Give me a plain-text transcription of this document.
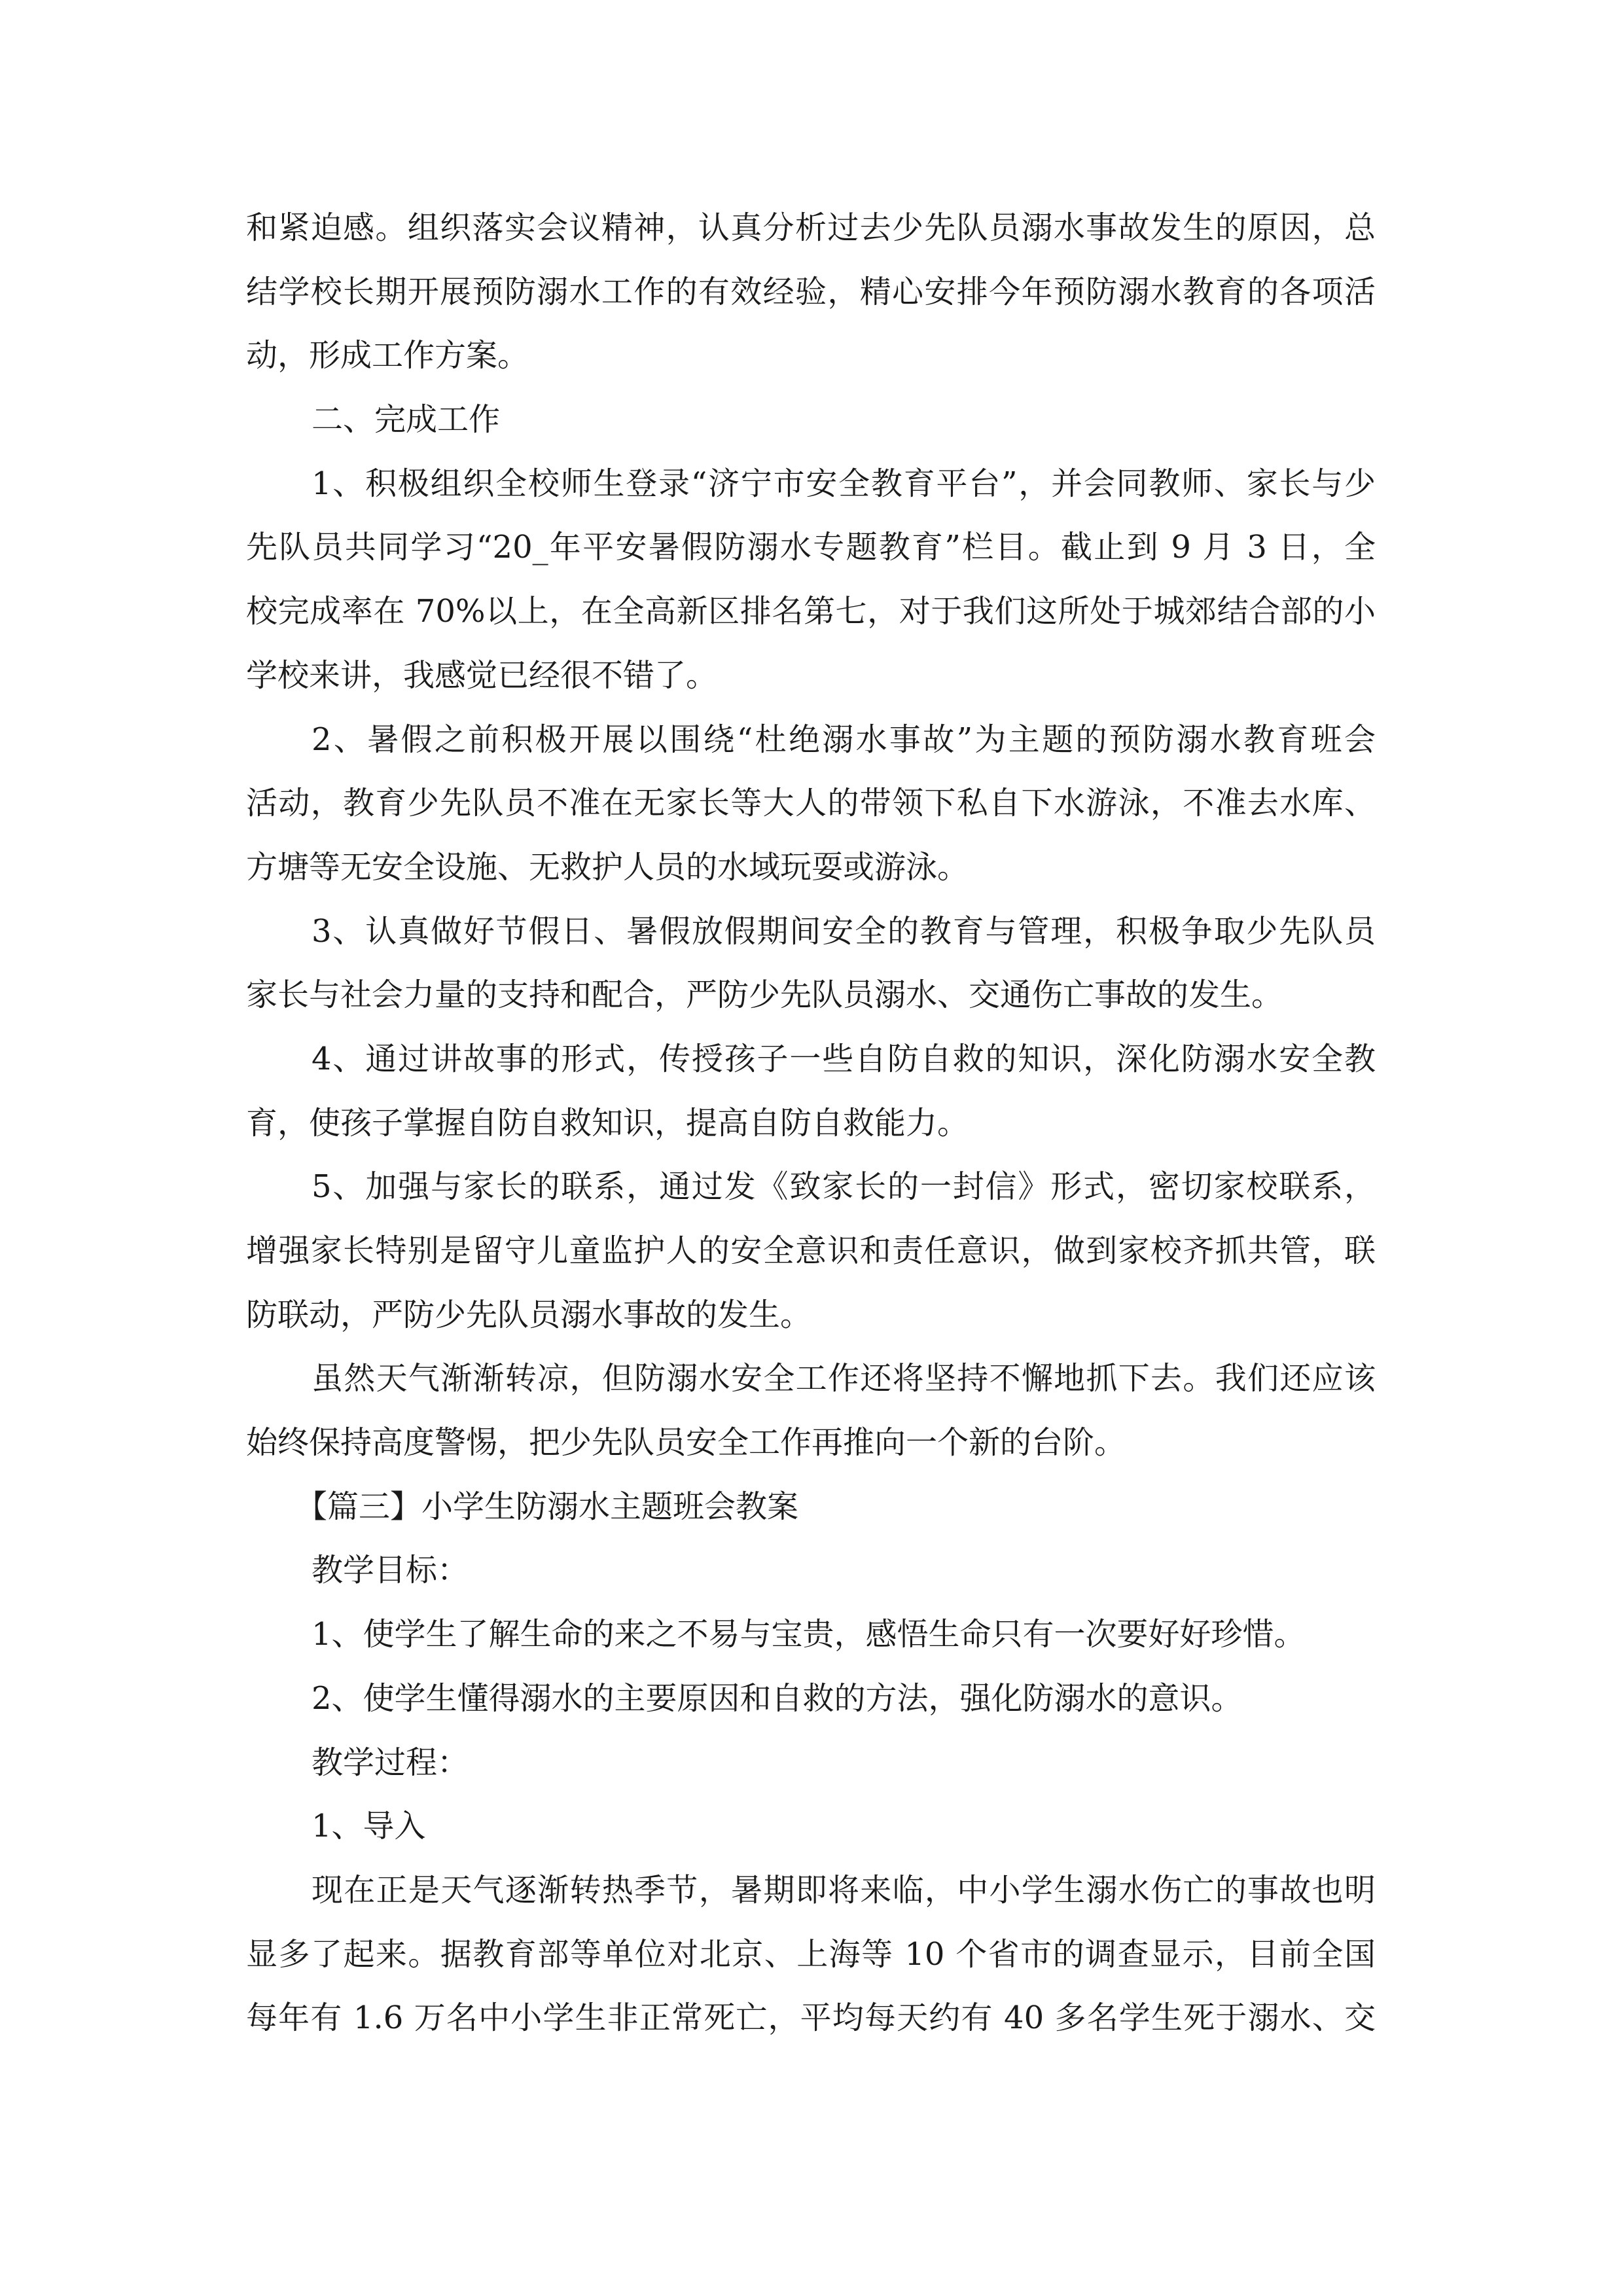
和紧迫感。组织落实会议精神，认真分析过去少先队员溺水事故发生的原因，总
结学校长期开展预防溺水工作的有效经验，精心安排今年预防溺水教育的各项活
动，形成工作方案。
二、完成工作
1、积极组织全校师生登录“济宁市安全教育平台”，并会同教师、家长与少
先队员共同学习“20_年平安暑假防溺水专题教育”栏目。截止到 9 月 3 日，全
校完成率在 70%以上，在全高新区排名第七，对于我们这所处于城郊结合部的小
学校来讲，我感觉已经很不错了。
2、暑假之前积极开展以围绕“杜绝溺水事故”为主题的预防溺水教育班会
活动，教育少先队员不准在无家长等大人的带领下私自下水游泳，不准去水库、
方塘等无安全设施、无救护人员的水域玩耍或游泳。
3、认真做好节假日、暑假放假期间安全的教育与管理，积极争取少先队员
家长与社会力量的支持和配合，严防少先队员溺水、交通伤亡事故的发生。
4、通过讲故事的形式，传授孩子一些自防自救的知识，深化防溺水安全教
育，使孩子掌握自防自救知识，提高自防自救能力。
5、加强与家长的联系，通过发《致家长的一封信》形式，密切家校联系，
增强家长特别是留守儿童监护人的安全意识和责任意识，做到家校齐抓共管，联
防联动，严防少先队员溺水事故的发生。
虽然天气渐渐转凉，但防溺水安全工作还将坚持不懈地抓下去。我们还应该
始终保持高度警惕，把少先队员安全工作再推向一个新的台阶。
【篇三】小学生防溺水主题班会教案
教学目标：
1、使学生了解生命的来之不易与宝贵，感悟生命只有一次要好好珍惜。
2、使学生懂得溺水的主要原因和自救的方法，强化防溺水的意识。
教学过程：
1、导入
现在正是天气逐渐转热季节，暑期即将来临，中小学生溺水伤亡的事故也明
显多了起来。据教育部等单位对北京、上海等 10 个省市的调查显示，目前全国
每年有 1.6 万名中小学生非正常死亡，平均每天约有 40 多名学生死于溺水、交
